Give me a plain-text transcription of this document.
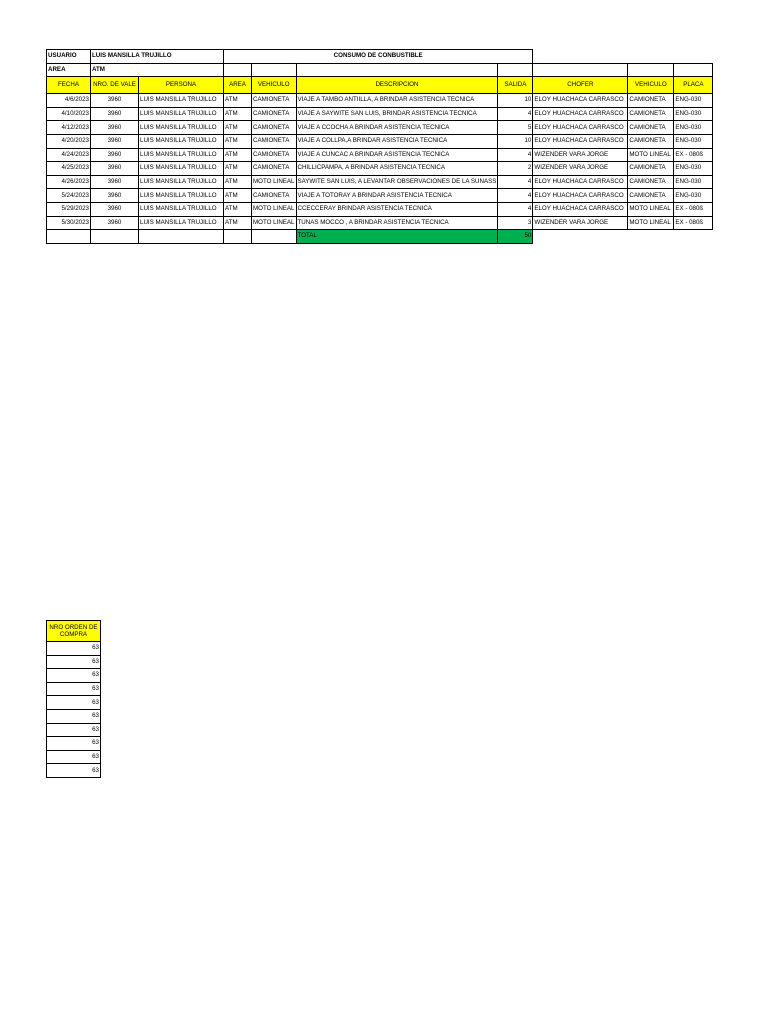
USUARIO	LUIS MANSILLA TRUJILLO		CONSUMO DE CONBUSTIBLE						
AREA	ATM								
FECHA	NRO. DE VALE	PERSONA	AREA	VEHICULO	DESCRIPCION	SALIDA	CHOFER	VEHICULO	PLACA
4/6/2023	3960	LUIS MANSILLA TRUJILLO	ATM	CAMIONETA	VIAJE A TAMBO ANTIILLA, A BRINDAR ASISTENCIA TECNICA	10	ELOY HUACHACA CARRASCO	CAMIONETA	ENG-030
4/10/2023	3960	LUIS MANSILLA TRUJILLO	ATM	CAMIONETA	VIAJE A SAYWITE SAN LUIS, BRINDAR ASISTENCIA TECNICA	4	ELOY HUACHACA CARRASCO	CAMIONETA	ENG-030
4/12/2023	3960	LUIS MANSILLA TRUJILLO	ATM	CAMIONETA	VIAJE A CCOCHA A BRINDAR ASISTENCIA TECNICA	5	ELOY HUACHACA CARRASCO	CAMIONETA	ENG-030
4/20/2023	3960	LUIS MANSILLA TRUJILLO	ATM	CAMIONETA	VIAJE A COLLPA,A BRINDAR ASISTENCIA TECNICA	10	ELOY HUACHACA CARRASCO	CAMIONETA	ENG-030
4/24/2023	3960	LUIS MANSILLA TRUJILLO	ATM	CAMIONETA	VIAJE A CUNCAC A BRINDAR ASISTENCIA TECNICA	4	WIZENDER VARA JORGE	MOTO LINEAL	EX - 080ß
4/25/2023	3960	LUIS MANSILLA TRUJILLO	ATM	CAMIONETA	CHILLICPAMPA, A BRINDAR ASISTENCIA TECNICA	2	WIZENDER VARA JORGE	CAMIONETA	ENG-030
4/26/2023	3960	LUIS MANSILLA TRUJILLO	ATM	MOTO LINEAL	SAYWITE SAN LUIS, A LEVANTAR OBSERVACIONES DE LA SUNASS	4	ELOY HUACHACA CARRASCO	CAMIONETA	ENG-030
5/24/2023	3960	LUIS MANSILLA TRUJILLO	ATM	CAMIONETA	VIAJE A TOTORAY A BRINDAR ASISTENCIA TECNICA	4	ELOY HUACHACA CARRASCO	CAMIONETA	ENG-030
5/29/2023	3960	LUIS MANSILLA TRUJILLO	ATM	MOTO LINEAL	CCECCERAY BRINDAR ASISTENCIA TECNICA	4	ELOY HUACHACA CARRASCO	MOTO LINEAL	EX - 080ß
5/30/2023	3960	LUIS MANSILLA TRUJILLO	ATM	MOTO LINEAL	TUNAS MOCCO , A BRINDAR ASISTENCIA TECNICA	3	WIZENDER VARA JORGE	MOTO LINEAL	EX - 080ß
					TOTAL	50			
NRO ORDEN DE COMPRA
63
63
63
63
63
63
63
63
63
63
